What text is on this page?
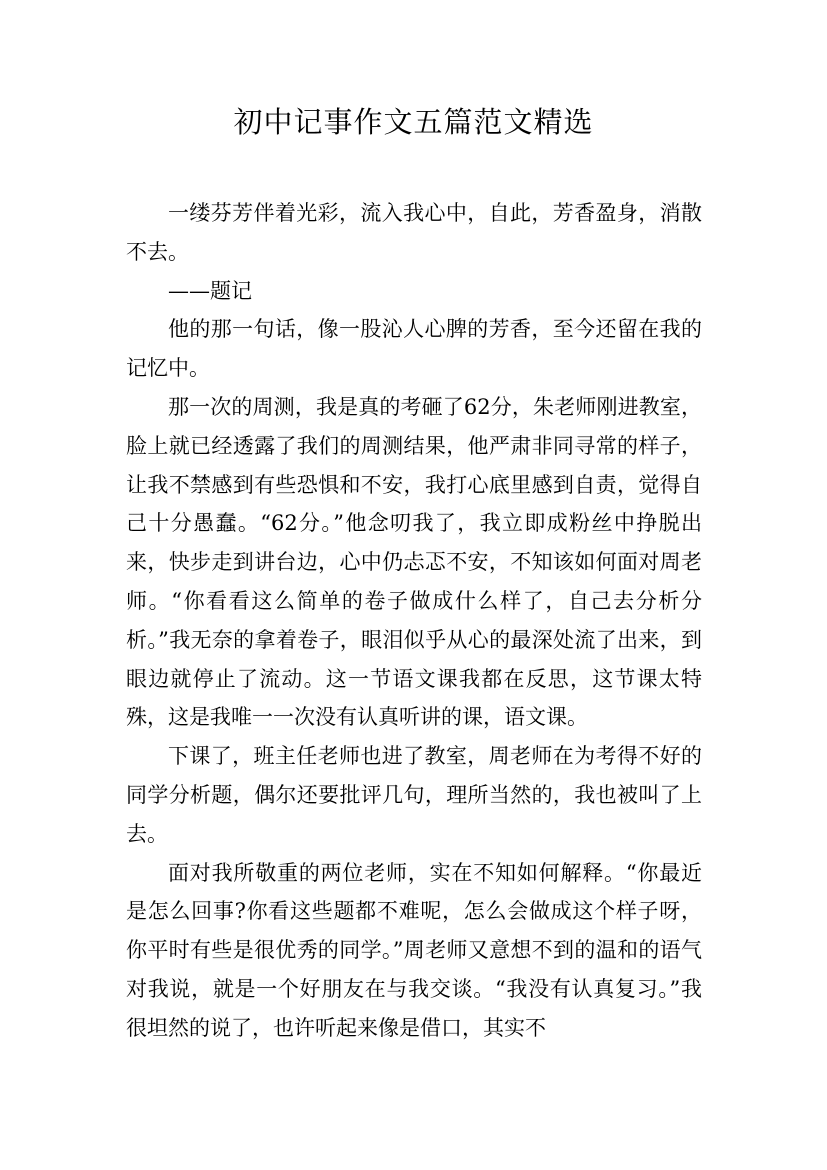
初中记事作文五篇范文精选

一缕芬芳伴着光彩，流入我心中，自此，芳香盈身，消散不去。

——题记

他的那一句话，像一股沁人心脾的芳香，至今还留在我的记忆中。

那一次的周测，我是真的考砸了62分，朱老师刚进教室，脸上就已经透露了我们的周测结果，他严肃非同寻常的样子，让我不禁感到有些恐惧和不安，我打心底里感到自责，觉得自己十分愚蠢。“62分。”他念叨我了，我立即成粉丝中挣脱出来，快步走到讲台边，心中仍忐忑不安，不知该如何面对周老师。“你看看这么简单的卷子做成什么样了，自己去分析分析。”我无奈的拿着卷子，眼泪似乎从心的最深处流了出来，到眼边就停止了流动。这一节语文课我都在反思，这节课太特殊，这是我唯一一次没有认真听讲的课，语文课。

下课了，班主任老师也进了教室，周老师在为考得不好的同学分析题，偶尔还要批评几句，理所当然的，我也被叫了上去。

面对我所敬重的两位老师，实在不知如何解释。“你最近是怎么回事?你看这些题都不难呢，怎么会做成这个样子呀，你平时有些是很优秀的同学。”周老师又意想不到的温和的语气对我说，就是一个好朋友在与我交谈。“我没有认真复习。”我很坦然的说了，也许听起来像是借口，其实不
